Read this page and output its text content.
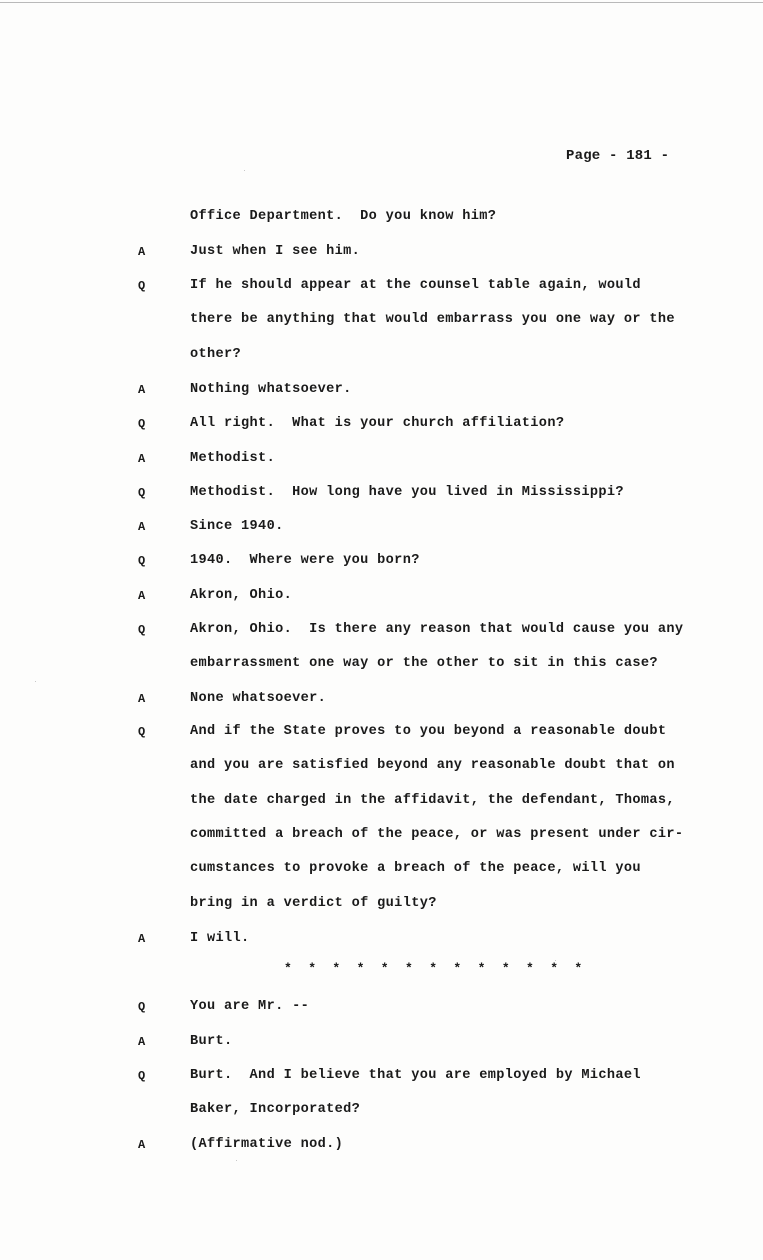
Page - 181 -
Office Department.  Do you know him?
A	Just when I see him.
Q	If he should appear at the counsel table again, would
there be anything that would embarrass you one way or the
other?
A	Nothing whatsoever.
Q	All right.  What is your church affiliation?
A	Methodist.
Q	Methodist.  How long have you lived in Mississippi?
A	Since 1940.
Q	1940.  Where were you born?
A	Akron, Ohio.
Q	Akron, Ohio.  Is there any reason that would cause you any
embarrassment one way or the other to sit in this case?
A	None whatsoever.
Q	And if the State proves to you beyond a reasonable doubt
and you are satisfied beyond any reasonable doubt that on
the date charged in the affidavit, the defendant, Thomas,
committed a breach of the peace, or was present under cir-
cumstances to provoke a breach of the peace, will you
bring in a verdict of guilty?
A	I will.
* * * * * * * * * * * * *
Q	You are Mr. --
A	Burt.
Q	Burt.  And I believe that you are employed by Michael
Baker, Incorporated?
A	(Affirmative nod.)
